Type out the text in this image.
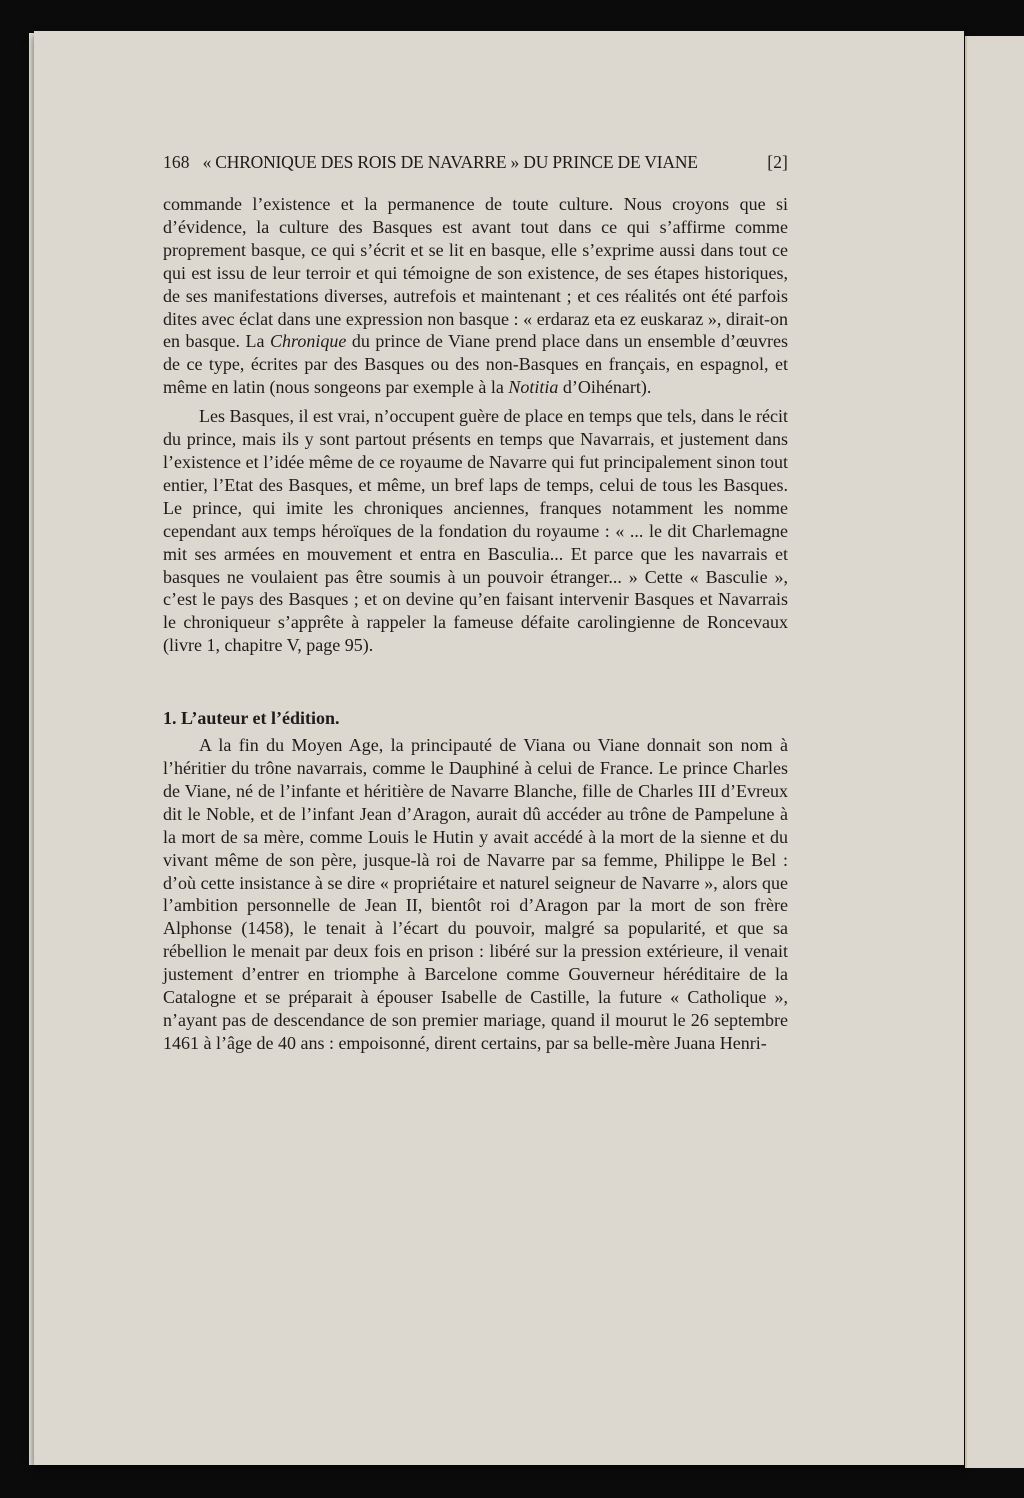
168 « CHRONIQUE DES ROIS DE NAVARRE » DU PRINCE DE VIANE	[2]

commande l’existence et la permanence de toute culture. Nous croyons que si d’évidence, la culture des Basques est avant tout dans ce qui s’affirme comme proprement basque, ce qui s’écrit et se lit en basque, elle s’exprime aussi dans tout ce qui est issu de leur terroir et qui témoigne de son existence, de ses étapes historiques, de ses manifestations diverses, autrefois et maintenant ; et ces réalités ont été parfois dites avec éclat dans une expression non basque : « erdaraz eta ez euskaraz », dirait-on en basque. La Chronique du prince de Viane prend place dans un ensemble d’œuvres de ce type, écrites par des Basques ou des non-Basques en français, en espagnol, et même en latin (nous songeons par exemple à la Notitia d’Oihénart).

Les Basques, il est vrai, n’occupent guère de place en temps que tels, dans le récit du prince, mais ils y sont partout présents en temps que Navarrais, et justement dans l’existence et l’idée même de ce royaume de Navarre qui fut principalement sinon tout entier, l’Etat des Basques, et même, un bref laps de temps, celui de tous les Basques. Le prince, qui imite les chroniques anciennes, franques notamment les nomme cependant aux temps héroïques de la fondation du royaume : « ... le dit Charlemagne mit ses armées en mouvement et entra en Basculia... Et parce que les navarrais et basques ne voulaient pas être soumis à un pouvoir étranger... » Cette « Basculie », c’est le pays des Basques ; et on devine qu’en faisant intervenir Basques et Navarrais le chroniqueur s’apprête à rappeler la fameuse défaite carolingienne de Roncevaux (livre 1, chapitre V, page 95).

1. L’auteur et l’édition.

A la fin du Moyen Age, la principauté de Viana ou Viane donnait son nom à l’héritier du trône navarrais, comme le Dauphiné à celui de France. Le prince Charles de Viane, né de l’infante et héritière de Navarre Blanche, fille de Charles III d’Evreux dit le Noble, et de l’infant Jean d’Aragon, aurait dû accéder au trône de Pampelune à la mort de sa mère, comme Louis le Hutin y avait accédé à la mort de la sienne et du vivant même de son père, jusque-là roi de Navarre par sa femme, Philippe le Bel : d’où cette insistance à se dire « propriétaire et naturel seigneur de Navarre », alors que l’ambition personnelle de Jean II, bientôt roi d’Aragon par la mort de son frère Alphonse (1458), le tenait à l’écart du pouvoir, malgré sa popularité, et que sa rébellion le menait par deux fois en prison : libéré sur la pression extérieure, il venait justement d’entrer en triomphe à Barcelone comme Gouverneur héréditaire de la Catalogne et se préparait à épouser Isabelle de Castille, la future « Catholique », n’ayant pas de descendance de son premier mariage, quand il mourut le 26 septembre 1461 à l’âge de 40 ans : empoisonné, dirent certains, par sa belle-mère Juana Henri-
